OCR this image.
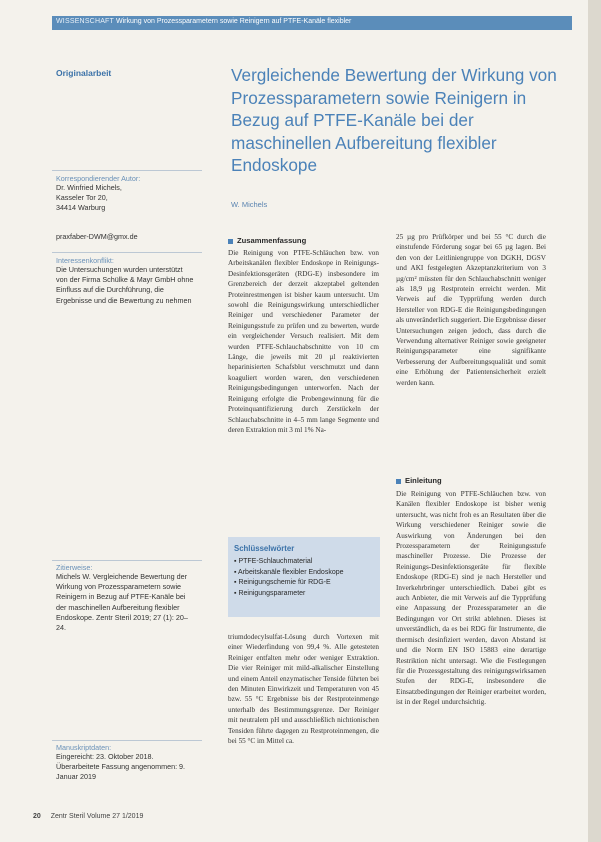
WISSENSCHAFT Wirkung von Prozessparametern sowie Reinigern auf PTFE-Kanäle flexibler
Originalarbeit	Vergleichende Bewertung der Wirkung von Prozessparametern sowie Reinigern in Bezug auf PTFE-Kanäle bei der maschinellen Aufbereitung flexibler Endoskope
W. Michels
Korrespondierender Autor:
Dr. Winfried Michels,
Kasseler Tor 20,
34414 Warburg
praxfaber-DWM@gmx.de
Interessenkonflikt:
Die Untersuchungen wurden unterstützt von der Firma Schülke & Mayr GmbH ohne Einfluss auf die Durchführung, die Ergebnisse und die Bewertung zu nehmen
Zitierweise:
Michels W. Vergleichende Bewertung der Wirkung von Prozessparametern sowie Reinigern in Bezug auf PTFE-Kanäle bei der maschinellen Aufbereitung flexibler Endoskope. Zentr Steril 2019; 27 (1): 20–24.
Manuskriptdaten:
Eingereicht: 23. Oktober 2018. Überarbeitete Fassung angenommen: 9. Januar 2019
Zusammenfassung
Die Reinigung von PTFE-Schläuchen bzw. von Arbeitskanälen flexibler Endoskope in Reinigungs-Desinfektionsgeräten (RDG-E) insbesondere im Grenzbereich der derzeit akzeptabel geltenden Proteinrestmengen ist bisher kaum untersucht. Um sowohl die Reinigungswirkung unterschiedlicher Reiniger und verschiedener Parameter der Reinigungsstufe zu prüfen und zu bewerten, wurde ein vergleichender Versuch realisiert. Mit dem wurden PTFE-Schlauchabschnitte von 10 cm Länge, die jeweils mit 20 µl reaktivierten heparinisierten Schafsblut verschmutzt und dann koaguliert worden waren, den verschiedenen Reinigungsbedingungen unterworfen. Nach der Reinigung erfolgte die Probengewinnung für die Proteinquantifizierung durch Zerstückeln der Schlauchabschnitte in 4–5 mm lange Segmente und deren Extraktion mit 3 ml 1% Na-
Schlüsselwörter
▪ PTFE-Schlauchmaterial
▪ Arbeitskanäle flexibler Endoskope
▪ Reinigungschemie für RDG-E
▪ Reinigungsparameter
triumdodecylsulfat-Lösung durch Vortexen mit einer Wiederfindung von 99,4 %. Alle getesteten Reiniger entfalten mehr oder weniger Extraktion. Die vier Reiniger mit mild-alkalischer Einstellung und einem Anteil enzymatischer Tenside führten bei den Minuten Einwirkzeit und Temperaturen von 45 bzw. 55 °C Ergebnisse bis der Restproteinmenge unterhalb des Bestimmungsgrenze. Der Reiniger mit neutralem pH und ausschließlich nichtionischen Tensiden führte dagegen zu Restproteinmengen, die bei 55 °C im Mittel ca.
25 µg pro Prüfkörper und bei 55 °C durch die einstufende Förderung sogar bei 65 µg lagen. Bei den von der Leitliniengruppe von DGKH, DGSV und AKI festgelegten Akzeptanzkriterium von 3 µg/cm² müssten für den Schlauchabschnitt weniger als 18,9 µg Restprotein erreicht werden. Mit Verweis auf die Typprüfung werden durch Hersteller von RDG-E die Reinigungsbedingungen als unveränderlich suggeriert. Die Ergebnisse dieser Untersuchungen zeigen jedoch, dass durch die Verwendung alternativer Reiniger sowie geeigneter Reinigungsparameter eine signifikante Verbesserung der Aufbereitungsqualität und somit eine Erhöhung der Patientensicherheit erzielt werden kann.
Einleitung
Die Reinigung von PTFE-Schläuchen bzw. von Kanälen flexibler Endoskope ist bisher wenig untersucht, was nicht froh es an Resultaten über die Wirkung verschiedener Reiniger sowie die Auswirkung von Änderungen bei den Prozessparametern der Reinigungsstufe maschineller Prozesse. Die Prozesse der Reinigungs-Desinfektionsgeräte für flexible Endoskope (RDG-E) sind je nach Hersteller und Inverkehrbringer unterschiedlich. Dabei gibt es auch Anbieter, die mit Verweis auf die Typprüfung eine Anpassung der Prozessparameter an die Bedingungen vor Ort strikt ablehnen. Dieses ist unverständlich, da es bei RDG für Instrumente, die thermisch desinfiziert werden, davon Abstand ist und die Norm EN ISO 15883 eine derartige Restriktion nicht untersagt. Wie die Festlegungen für die Prozessgestaltung des reinigungswirksamen Stufen der RDG-E, insbesondere die Einsatzbedingungen der Reiniger erarbeitet worden, ist in der Regel undurchsichtig.
20 Zentr Steril Volume 27 1/2019
